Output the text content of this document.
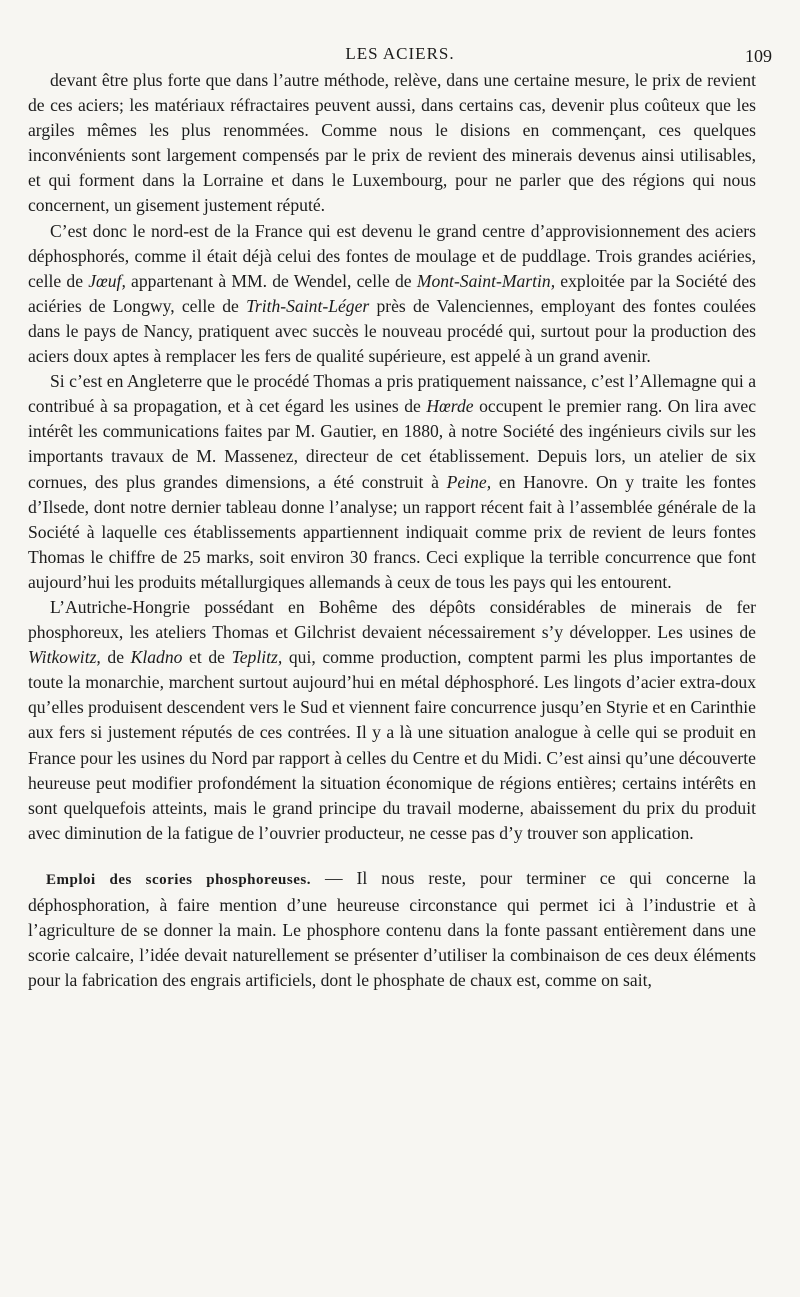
LES ACIERS.	109

devant être plus forte que dans l’autre méthode, relève, dans une certaine mesure, le prix de revient de ces aciers; les matériaux réfractaires peuvent aussi, dans certains cas, devenir plus coûteux que les argiles mêmes les plus renommées. Comme nous le disions en commençant, ces quelques inconvénients sont largement compensés par le prix de revient des minerais devenus ainsi utilisables, et qui forment dans la Lorraine et dans le Luxembourg, pour ne parler que des régions qui nous concernent, un gisement justement réputé.

C’est donc le nord-est de la France qui est devenu le grand centre d’approvisionnement des aciers déphosphorés, comme il était déjà celui des fontes de moulage et de puddlage. Trois grandes aciéries, celle de Jœuf, appartenant à MM. de Wendel, celle de Mont-Saint-Martin, exploitée par la Société des aciéries de Longwy, celle de Trith-Saint-Léger près de Valenciennes, employant des fontes coulées dans le pays de Nancy, pratiquent avec succès le nouveau procédé qui, surtout pour la production des aciers doux aptes à remplacer les fers de qualité supérieure, est appelé à un grand avenir.

Si c’est en Angleterre que le procédé Thomas a pris pratiquement naissance, c’est l’Allemagne qui a contribué à sa propagation, et à cet égard les usines de Hœrde occupent le premier rang. On lira avec intérêt les communications faites par M. Gautier, en 1880, à notre Société des ingénieurs civils sur les importants travaux de M. Massenez, directeur de cet établissement. Depuis lors, un atelier de six cornues, des plus grandes dimensions, a été construit à Peine, en Hanovre. On y traite les fontes d’Ilsede, dont notre dernier tableau donne l’analyse; un rapport récent fait à l’assemblée générale de la Société à laquelle ces établissements appartiennent indiquait comme prix de revient de leurs fontes Thomas le chiffre de 25 marks, soit environ 30 francs. Ceci explique la terrible concurrence que font aujourd’hui les produits métallurgiques allemands à ceux de tous les pays qui les entourent.

L’Autriche-Hongrie possédant en Bohême des dépôts considérables de minerais de fer phosphoreux, les ateliers Thomas et Gilchrist devaient nécessairement s’y développer. Les usines de Witkowitz, de Kladno et de Teplitz, qui, comme production, comptent parmi les plus importantes de toute la monarchie, marchent surtout aujourd’hui en métal déphosphoré. Les lingots d’acier extra-doux qu’elles produisent descendent vers le Sud et viennent faire concurrence jusqu’en Styrie et en Carinthie aux fers si justement réputés de ces contrées. Il y a là une situation analogue à celle qui se produit en France pour les usines du Nord par rapport à celles du Centre et du Midi. C’est ainsi qu’une découverte heureuse peut modifier profondément la situation économique de régions entières; certains intérêts en sont quelquefois atteints, mais le grand principe du travail moderne, abaissement du prix du produit avec diminution de la fatigue de l’ouvrier producteur, ne cesse pas d’y trouver son application.

Emploi des scories phosphoreuses. — Il nous reste, pour terminer ce qui concerne la déphosphoration, à faire mention d’une heureuse circonstance qui permet ici à l’industrie et à l’agriculture de se donner la main. Le phosphore contenu dans la fonte passant entièrement dans une scorie calcaire, l’idée devait naturellement se présenter d’utiliser la combinaison de ces deux éléments pour la fabrication des engrais artificiels, dont le phosphate de chaux est, comme on sait,
